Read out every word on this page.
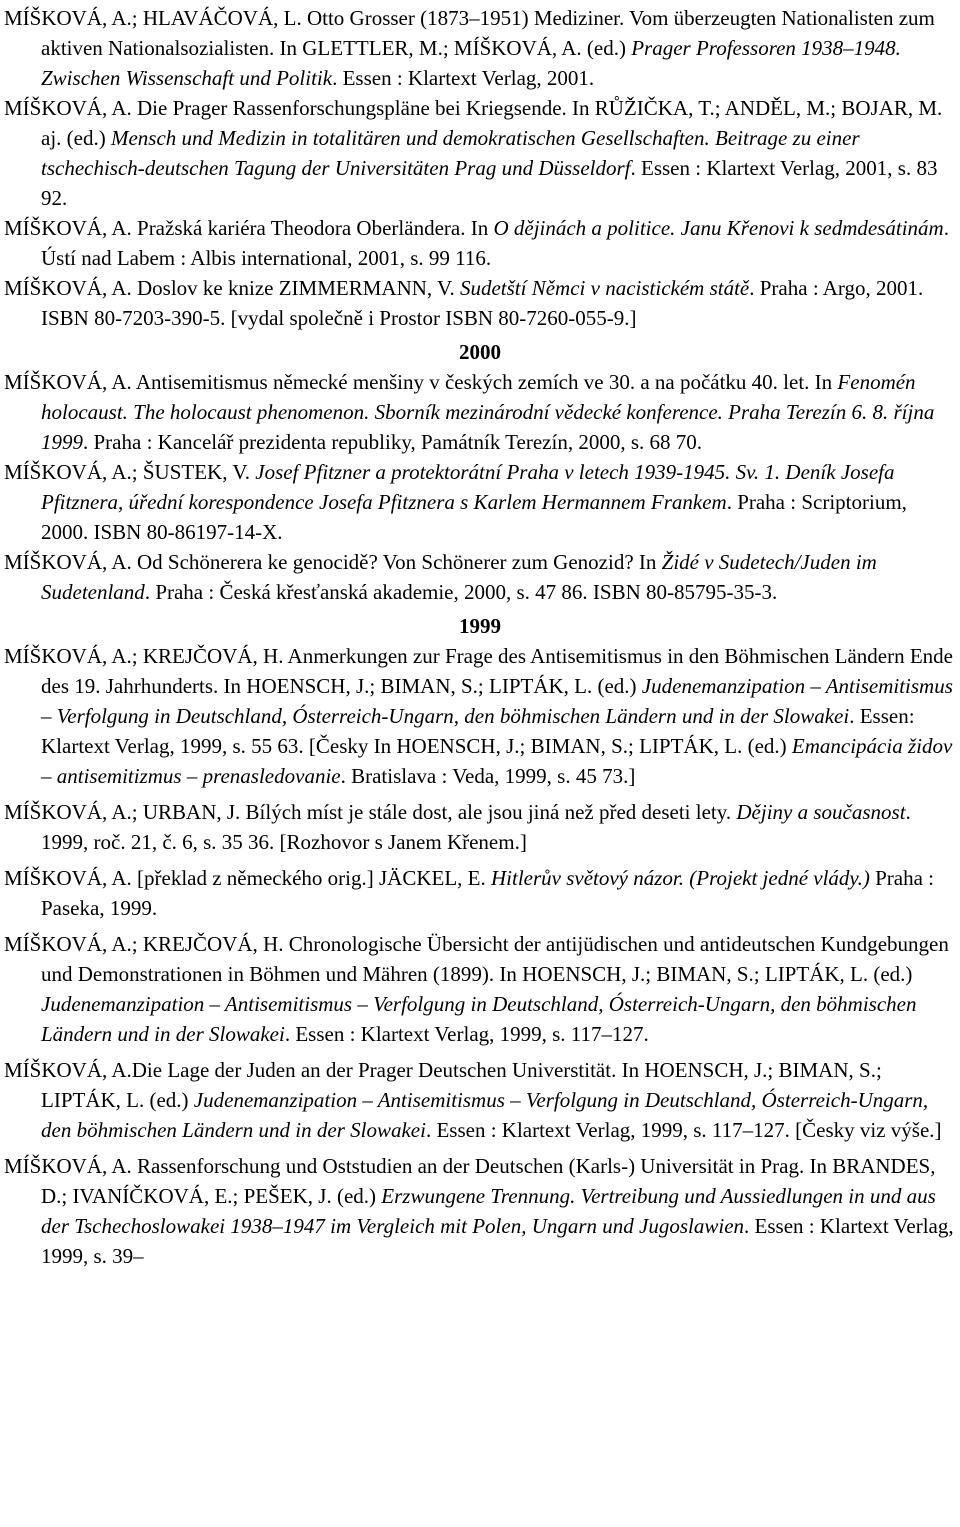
MÍŠKOVÁ, A.; HLAVÁČOVÁ, L. Otto Grosser (1873–1951) Mediziner. Vom überzeugten Nationalisten zum aktiven Nationalsozialisten. In GLETTLER, M.; MÍŠKOVÁ, A. (ed.) Prager Professoren 1938–1948. Zwischen Wissenschaft und Politik. Essen : Klartext Verlag, 2001.

MÍŠKOVÁ, A. Die Prager Rassenforschungspläne bei Kriegsende. In RŮŽIČKA, T.; ANDĚL, M.; BOJAR, M. aj. (ed.) Mensch und Medizin in totalitären und demokratischen Gesellschaften. Beitrage zu einer tschechisch-deutschen Tagung der Universitäten Prag und Düsseldorf. Essen : Klartext Verlag, 2001, s. 83 92.

MÍŠKOVÁ, A. Pražská kariéra Theodora Oberländera. In O dějinách a politice. Janu Křenovi k sedmdesátinám. Ústí nad Labem : Albis international, 2001, s. 99 116.

MÍŠKOVÁ, A. Doslov ke knize ZIMMERMANN, V. Sudetští Němci v nacistickém státě. Praha : Argo, 2001. ISBN 80-7203-390-5. [vydal společně i Prostor ISBN 80-7260-055-9.]

2000

MÍŠKOVÁ, A. Antisemitismus německé menšiny v českých zemích ve 30. a na počátku 40. let. In Fenomén holocaust. The holocaust phenomenon. Sborník mezinárodní vědecké konference. Praha Terezín 6. 8. října 1999. Praha : Kancelář prezidenta republiky, Památník Terezín, 2000, s. 68 70.

MÍŠKOVÁ, A.; ŠUSTEK, V. Josef Pfitzner a protektorátní Praha v letech 1939-1945. Sv. 1. Deník Josefa Pfitznera, úřední korespondence Josefa Pfitznera s Karlem Hermannem Frankem. Praha : Scriptorium, 2000. ISBN 80-86197-14-X.

MÍŠKOVÁ, A. Od Schönerera ke genocidě? Von Schönerer zum Genozid? In Židé v Sudetech/Juden im Sudetenland. Praha : Česká křesťanská akademie, 2000, s. 47 86. ISBN 80-85795-35-3.

1999

MÍŠKOVÁ, A.; KREJČOVÁ, H. Anmerkungen zur Frage des Antisemitismus in den Böhmischen Ländern Ende des 19. Jahrhunderts. In HOENSCH, J.; BIMAN, S.; LIPTÁK, L. (ed.) Judenemanzipation – Antisemitismus – Verfolgung in Deutschland, Ósterreich-Ungarn, den böhmischen Ländern und in der Slowakei. Essen: Klartext Verlag, 1999, s. 55 63. [Česky In HOENSCH, J.; BIMAN, S.; LIPTÁK, L. (ed.) Emancipácia židov – antisemitizmus – prenasledovanie. Bratislava : Veda, 1999, s. 45 73.]

MÍŠKOVÁ, A.; URBAN, J. Bílých míst je stále dost, ale jsou jiná než před deseti lety. Dějiny a současnost. 1999, roč. 21, č. 6, s. 35 36. [Rozhovor s Janem Křenem.]

MÍŠKOVÁ, A. [překlad z německého orig.] JÄCKEL, E. Hitlerův světový názor. (Projekt jedné vlády.) Praha : Paseka, 1999.

MÍŠKOVÁ, A.; KREJČOVÁ, H. Chronologische Übersicht der antijüdischen und antideutschen Kundgebungen und Demonstrationen in Böhmen und Mähren (1899). In HOENSCH, J.; BIMAN, S.; LIPTÁK, L. (ed.) Judenemanzipation – Antisemitismus – Verfolgung in Deutschland, Ósterreich-Ungarn, den böhmischen Ländern und in der Slowakei. Essen : Klartext Verlag, 1999, s. 117–127.

MÍŠKOVÁ, A.Die Lage der Juden an der Prager Deutschen Universtität. In HOENSCH, J.; BIMAN, S.; LIPTÁK, L. (ed.) Judenemanzipation – Antisemitismus – Verfolgung in Deutschland, Ósterreich-Ungarn, den böhmischen Ländern und in der Slowakei. Essen : Klartext Verlag, 1999, s. 117–127. [Česky viz výše.]

MÍŠKOVÁ, A. Rassenforschung und Oststudien an der Deutschen (Karls-) Universität in Prag. In BRANDES, D.; IVANÍČKOVÁ, E.; PEŠEK, J. (ed.) Erzwungene Trennung. Vertreibung und Aussiedlungen in und aus der Tschechoslowakei 1938–1947 im Vergleich mit Polen, Ungarn und Jugoslawien. Essen : Klartext Verlag, 1999, s. 39–
